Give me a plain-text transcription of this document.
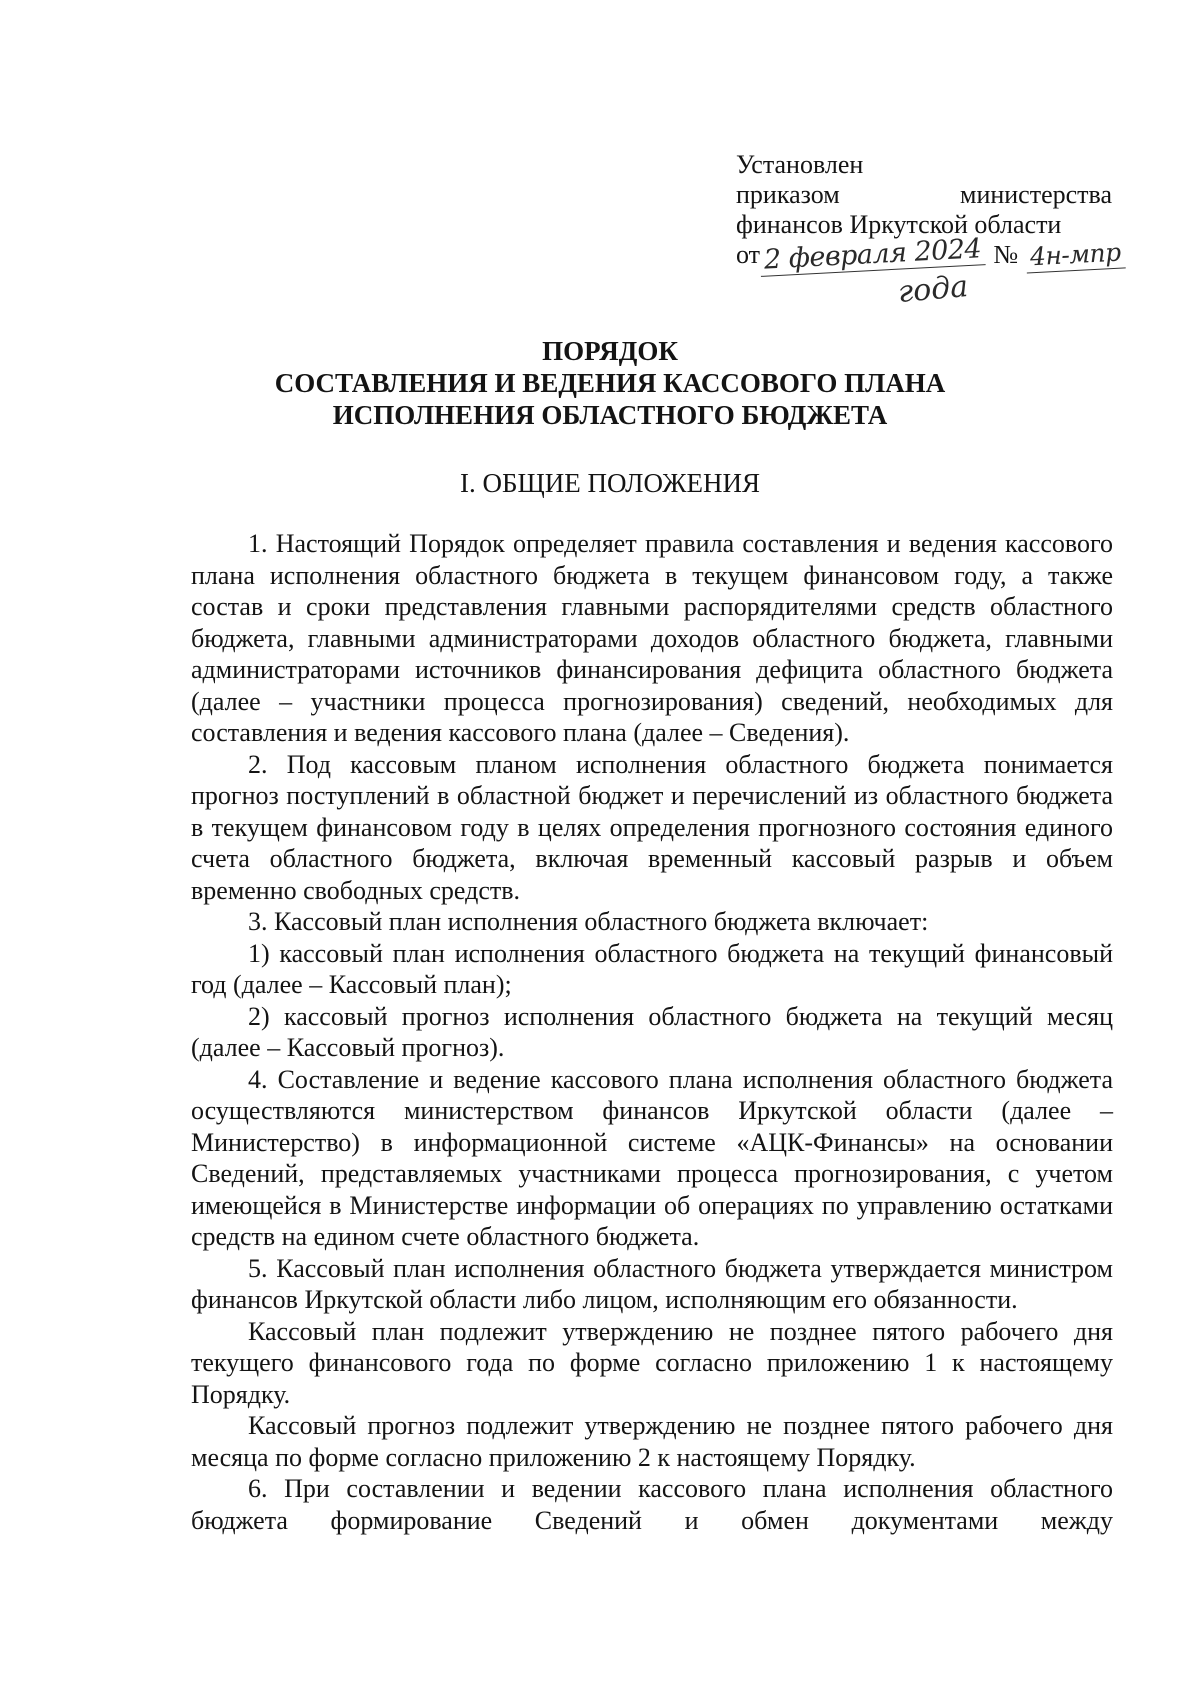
Установлен
приказом	министерства
финансов Иркутской области
от 2 февраля 2024 № 4н-мпр
года
ПОРЯДОК
СОСТАВЛЕНИЯ И ВЕДЕНИЯ КАССОВОГО ПЛАНА
ИСПОЛНЕНИЯ ОБЛАСТНОГО БЮДЖЕТА
I. ОБЩИЕ ПОЛОЖЕНИЯ

1. Настоящий Порядок определяет правила составления и ведения кассового плана исполнения областного бюджета в текущем финансовом году, а также состав и сроки представления главными распорядителями средств областного бюджета, главными администраторами доходов областного бюджета, главными администраторами источников финансирования дефицита областного бюджета (далее – участники процесса прогнозирования) сведений, необходимых для составления и ведения кассового плана (далее – Сведения).

2. Под кассовым планом исполнения областного бюджета понимается прогноз поступлений в областной бюджет и перечислений из областного бюджета в текущем финансовом году в целях определения прогнозного состояния единого счета областного бюджета, включая временный кассовый разрыв и объем временно свободных средств.

3. Кассовый план исполнения областного бюджета включает:

1) кассовый план исполнения областного бюджета на текущий финансовый год (далее – Кассовый план);

2) кассовый прогноз исполнения областного бюджета на текущий месяц (далее – Кассовый прогноз).

4. Составление и ведение кассового плана исполнения областного бюджета осуществляются министерством финансов Иркутской области (далее – Министерство) в информационной системе «АЦК-Финансы» на основании Сведений, представляемых участниками процесса прогнозирования, с учетом имеющейся в Министерстве информации об операциях по управлению остатками средств на едином счете областного бюджета.

5. Кассовый план исполнения областного бюджета утверждается министром финансов Иркутской области либо лицом, исполняющим его обязанности.

Кассовый план подлежит утверждению не позднее пятого рабочего дня текущего финансового года по форме согласно приложению 1 к настоящему Порядку.

Кассовый прогноз подлежит утверждению не позднее пятого рабочего дня месяца по форме согласно приложению 2 к настоящему Порядку.

6. При составлении и ведении кассового плана исполнения областного бюджета формирование Сведений и обмен документами между
